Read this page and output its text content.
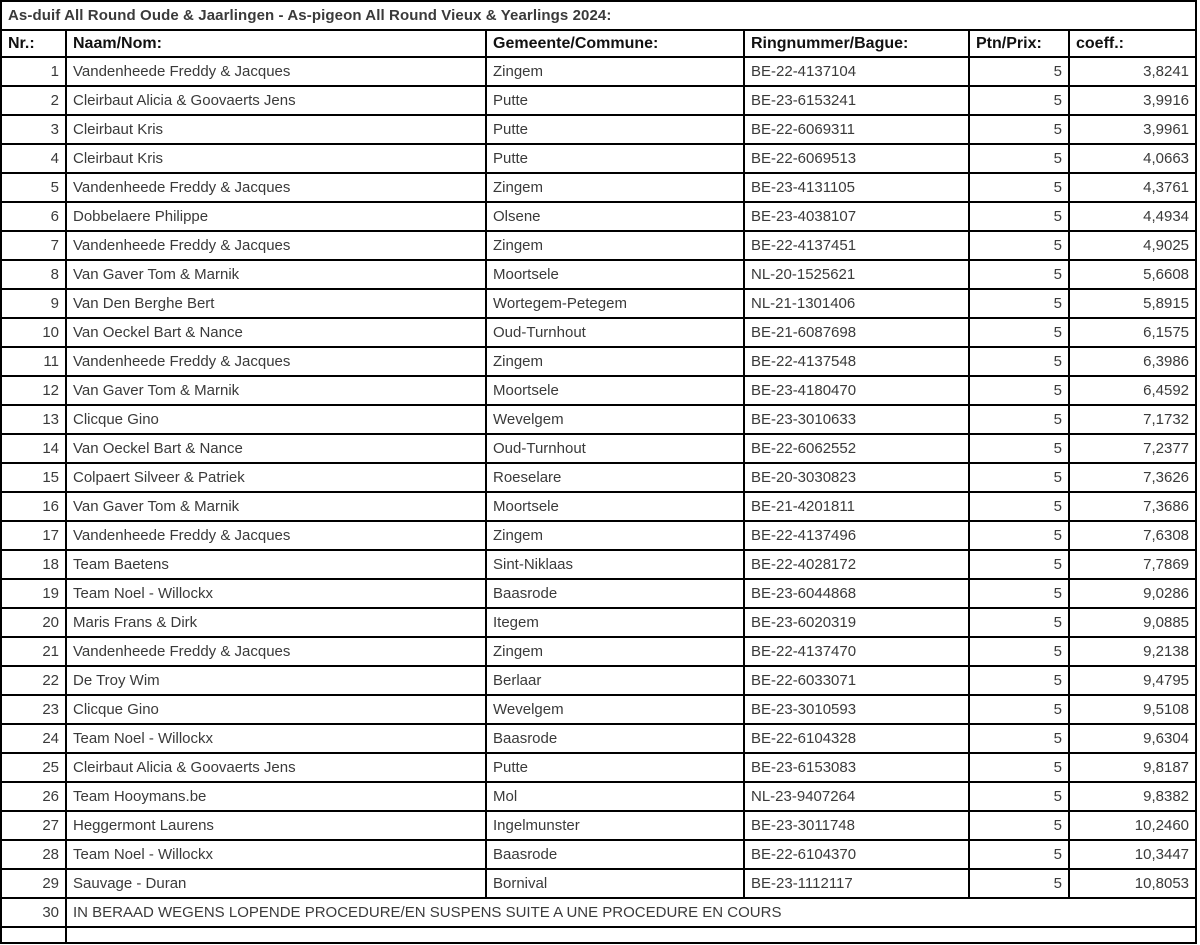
As-duif All Round Oude & Jaarlingen - As-pigeon All Round Vieux & Yearlings 2024:					
Nr.:	Naam/Nom:	Gemeente/Commune:	Ringnummer/Bague:	Ptn/Prix:	coeff.:
1	Vandenheede Freddy & Jacques	Zingem	BE-22-4137104	5	3,8241
2	Cleirbaut Alicia & Goovaerts Jens	Putte	BE-23-6153241	5	3,9916
3	Cleirbaut Kris	Putte	BE-22-6069311	5	3,9961
4	Cleirbaut Kris	Putte	BE-22-6069513	5	4,0663
5	Vandenheede Freddy & Jacques	Zingem	BE-23-4131105	5	4,3761
6	Dobbelaere Philippe	Olsene	BE-23-4038107	5	4,4934
7	Vandenheede Freddy & Jacques	Zingem	BE-22-4137451	5	4,9025
8	Van Gaver Tom & Marnik	Moortsele	NL-20-1525621	5	5,6608
9	Van Den Berghe Bert	Wortegem-Petegem	NL-21-1301406	5	5,8915
10	Van Oeckel Bart & Nance	Oud-Turnhout	BE-21-6087698	5	6,1575
11	Vandenheede Freddy & Jacques	Zingem	BE-22-4137548	5	6,3986
12	Van Gaver Tom & Marnik	Moortsele	BE-23-4180470	5	6,4592
13	Clicque Gino	Wevelgem	BE-23-3010633	5	7,1732
14	Van Oeckel Bart & Nance	Oud-Turnhout	BE-22-6062552	5	7,2377
15	Colpaert Silveer & Patriek	Roeselare	BE-20-3030823	5	7,3626
16	Van Gaver Tom & Marnik	Moortsele	BE-21-4201811	5	7,3686
17	Vandenheede Freddy & Jacques	Zingem	BE-22-4137496	5	7,6308
18	Team Baetens	Sint-Niklaas	BE-22-4028172	5	7,7869
19	Team Noel - Willockx	Baasrode	BE-23-6044868	5	9,0286
20	Maris Frans & Dirk	Itegem	BE-23-6020319	5	9,0885
21	Vandenheede Freddy & Jacques	Zingem	BE-22-4137470	5	9,2138
22	De Troy Wim	Berlaar	BE-22-6033071	5	9,4795
23	Clicque Gino	Wevelgem	BE-23-3010593	5	9,5108
24	Team Noel - Willockx	Baasrode	BE-22-6104328	5	9,6304
25	Cleirbaut Alicia & Goovaerts Jens	Putte	BE-23-6153083	5	9,8187
26	Team Hooymans.be	Mol	NL-23-9407264	5	9,8382
27	Heggermont Laurens	Ingelmunster	BE-23-3011748	5	10,2460
28	Team Noel - Willockx	Baasrode	BE-22-6104370	5	10,3447
29	Sauvage - Duran	Bornival	BE-23-1112117	5	10,8053
30	IN BERAAD WEGENS LOPENDE PROCEDURE/EN SUSPENS SUITE A UNE PROCEDURE EN COURS				
